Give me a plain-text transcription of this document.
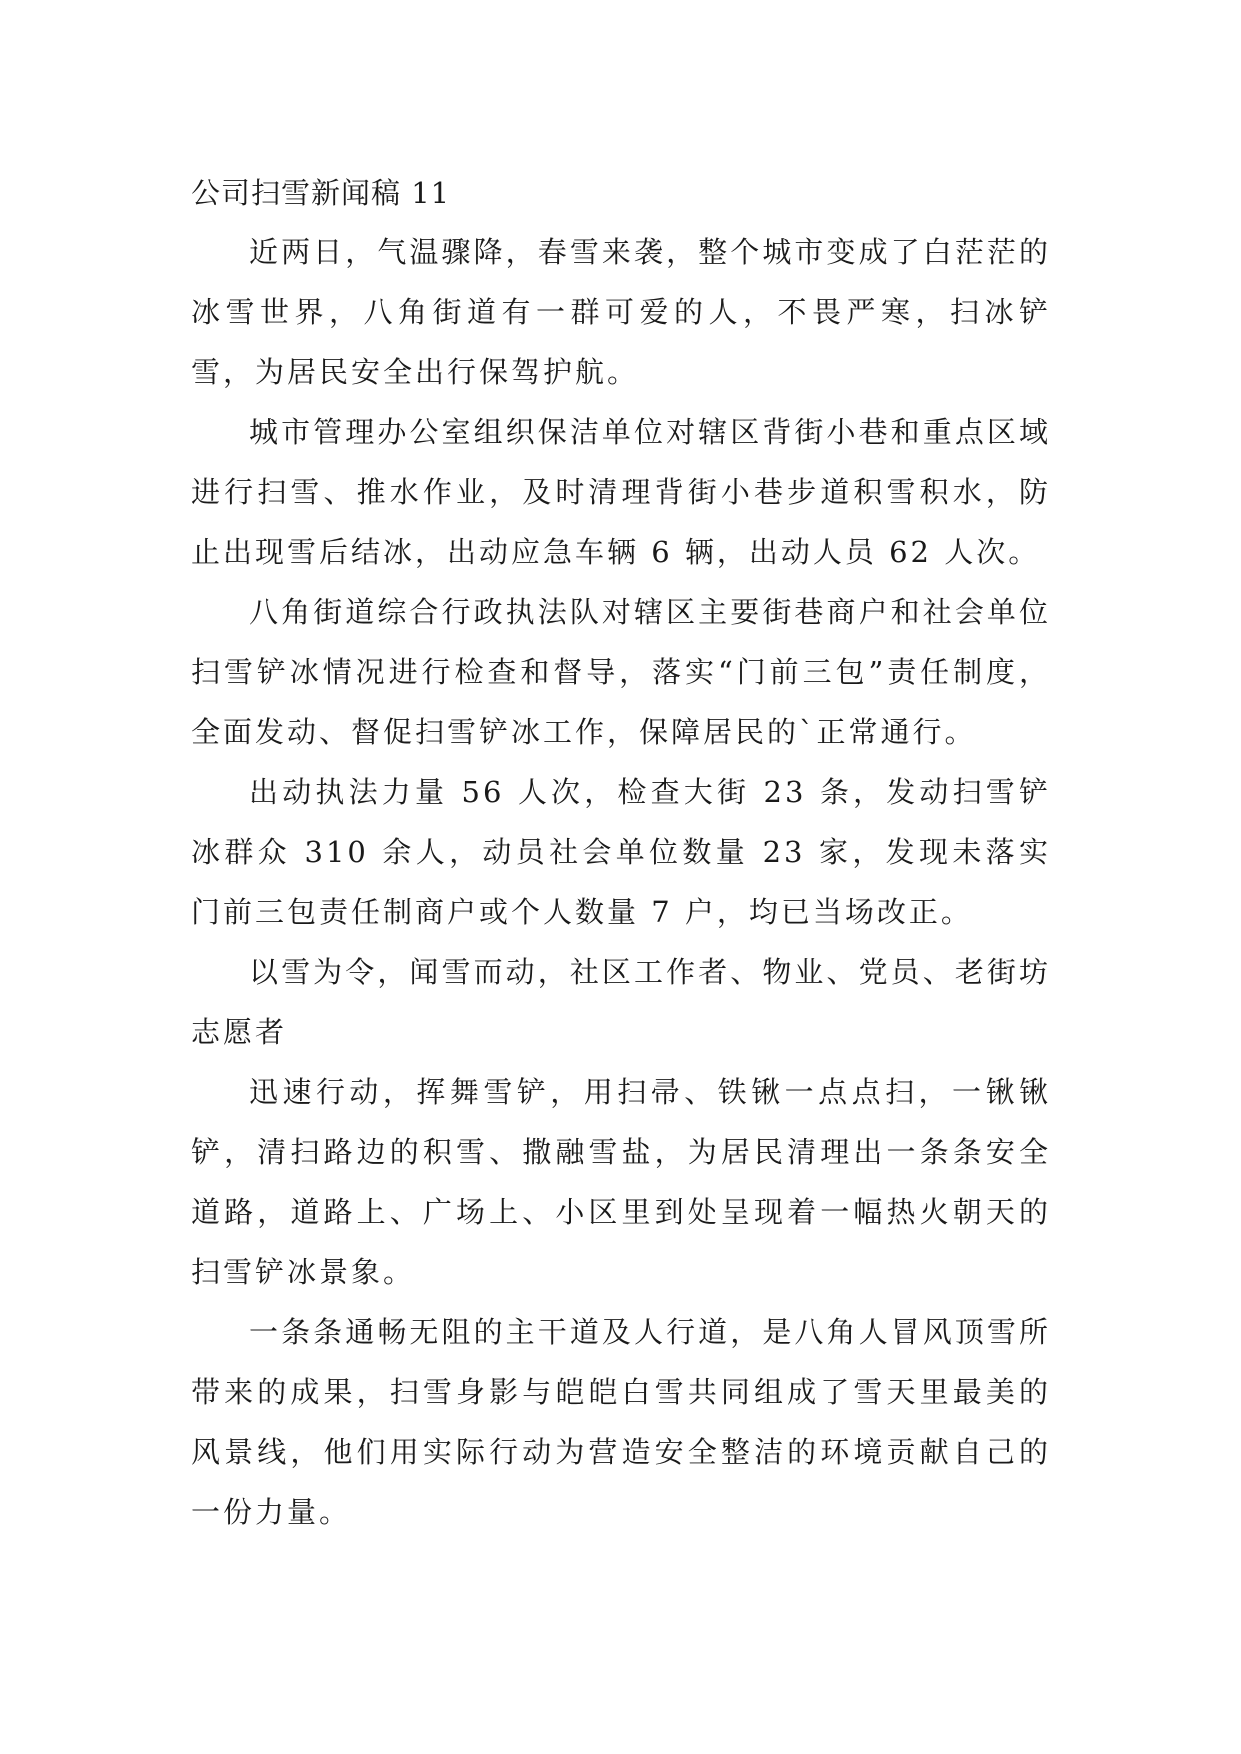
公司扫雪新闻稿 11

近两日，气温骤降，春雪来袭，整个城市变成了白茫茫的冰雪世界，八角街道有一群可爱的人，不畏严寒，扫冰铲雪，为居民安全出行保驾护航。

城市管理办公室组织保洁单位对辖区背街小巷和重点区域进行扫雪、推水作业，及时清理背街小巷步道积雪积水，防止出现雪后结冰，出动应急车辆 6 辆，出动人员 62 人次。

八角街道综合行政执法队对辖区主要街巷商户和社会单位扫雪铲冰情况进行检查和督导，落实“门前三包”责任制度，全面发动、督促扫雪铲冰工作，保障居民的`正常通行。

出动执法力量 56 人次，检查大街 23 条，发动扫雪铲冰群众 310 余人，动员社会单位数量 23 家，发现未落实门前三包责任制商户或个人数量 7 户，均已当场改正。

以雪为令，闻雪而动，社区工作者、物业、党员、老街坊志愿者

迅速行动，挥舞雪铲，用扫帚、铁锹一点点扫，一锹锹铲，清扫路边的积雪、撒融雪盐，为居民清理出一条条安全道路，道路上、广场上、小区里到处呈现着一幅热火朝天的扫雪铲冰景象。

一条条通畅无阻的主干道及人行道，是八角人冒风顶雪所带来的成果，扫雪身影与皑皑白雪共同组成了雪天里最美的风景线，他们用实际行动为营造安全整洁的环境贡献自己的一份力量。
